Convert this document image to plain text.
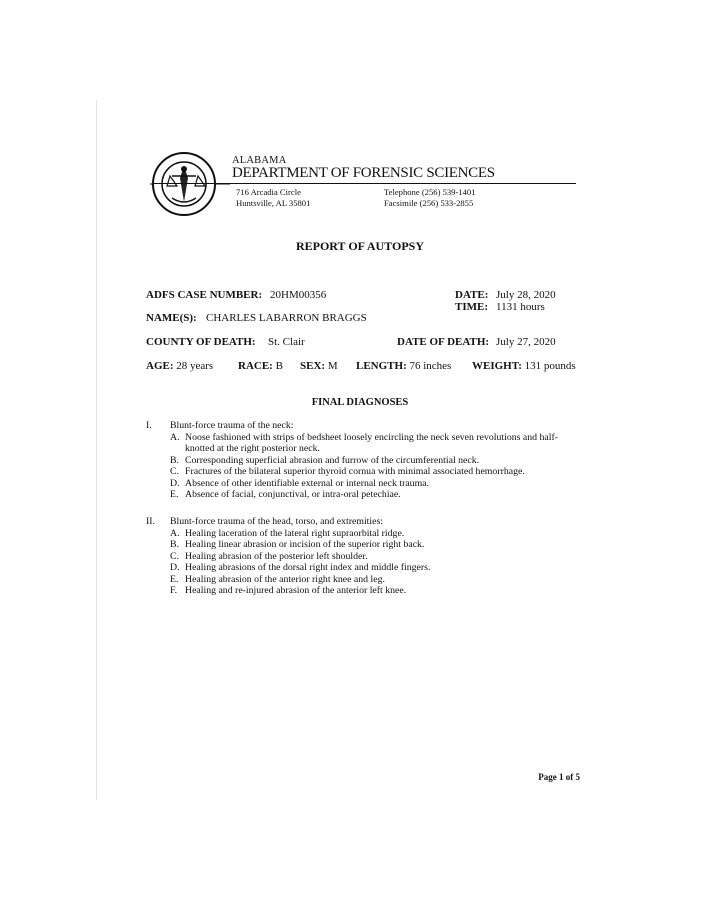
ALABAMA
DEPARTMENT OF FORENSIC SCIENCES
716 Arcadia Circle
Huntsville, AL 35801
Telephone (256) 539-1401
Facsimile (256) 533-2855
REPORT OF AUTOPSY
ADFS CASE NUMBER: 20HM00356	DATE: July 28, 2020
TIME: 1131 hours
NAME(S): CHARLES LABARRON BRAGGS
COUNTY OF DEATH: St. Clair	DATE OF DEATH: July 27, 2020
AGE: 28 years RACE: B SEX: M LENGTH: 76 inches WEIGHT: 131 pounds
FINAL DIAGNOSES
I. Blunt-force trauma of the neck:
A. Noose fashioned with strips of bedsheet loosely encircling the neck seven revolutions and half-knotted at the right posterior neck.
B. Corresponding superficial abrasion and furrow of the circumferential neck.
C. Fractures of the bilateral superior thyroid cornua with minimal associated hemorrhage.
D. Absence of other identifiable external or internal neck trauma.
E. Absence of facial, conjunctival, or intra-oral petechiae.
II. Blunt-force trauma of the head, torso, and extremities:
A. Healing laceration of the lateral right supraorbital ridge.
B. Healing linear abrasion or incision of the superior right back.
C. Healing abrasion of the posterior left shoulder.
D. Healing abrasions of the dorsal right index and middle fingers.
E. Healing abrasion of the anterior right knee and leg.
F. Healing and re-injured abrasion of the anterior left knee.
Page 1 of 5
